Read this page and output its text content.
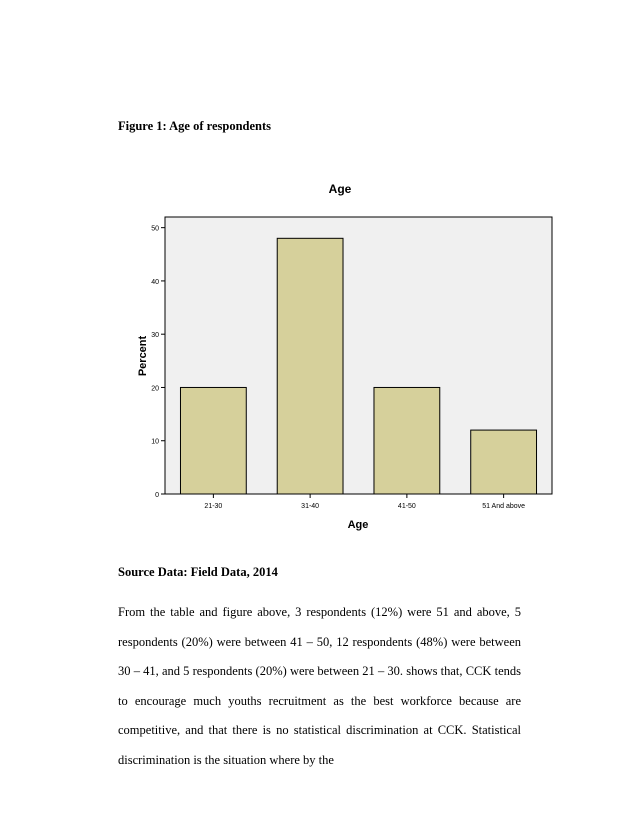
Figure 1: Age of respondents
Age
0
10
20
30
40
50
21-30	31-40	41-50	51 And above
Percent
Age
Source Data: Field Data, 2014
From the table and figure above, 3 respondents (12%) were 51 and above, 5 respondents (20%) were between 41 – 50, 12 respondents (48%) were between 30 – 41, and 5 respondents (20%) were between 21 – 30. shows that, CCK tends to encourage much youths recruitment as the best workforce because are competitive, and that there is no statistical discrimination at CCK. Statistical discrimination is the situation where by the
